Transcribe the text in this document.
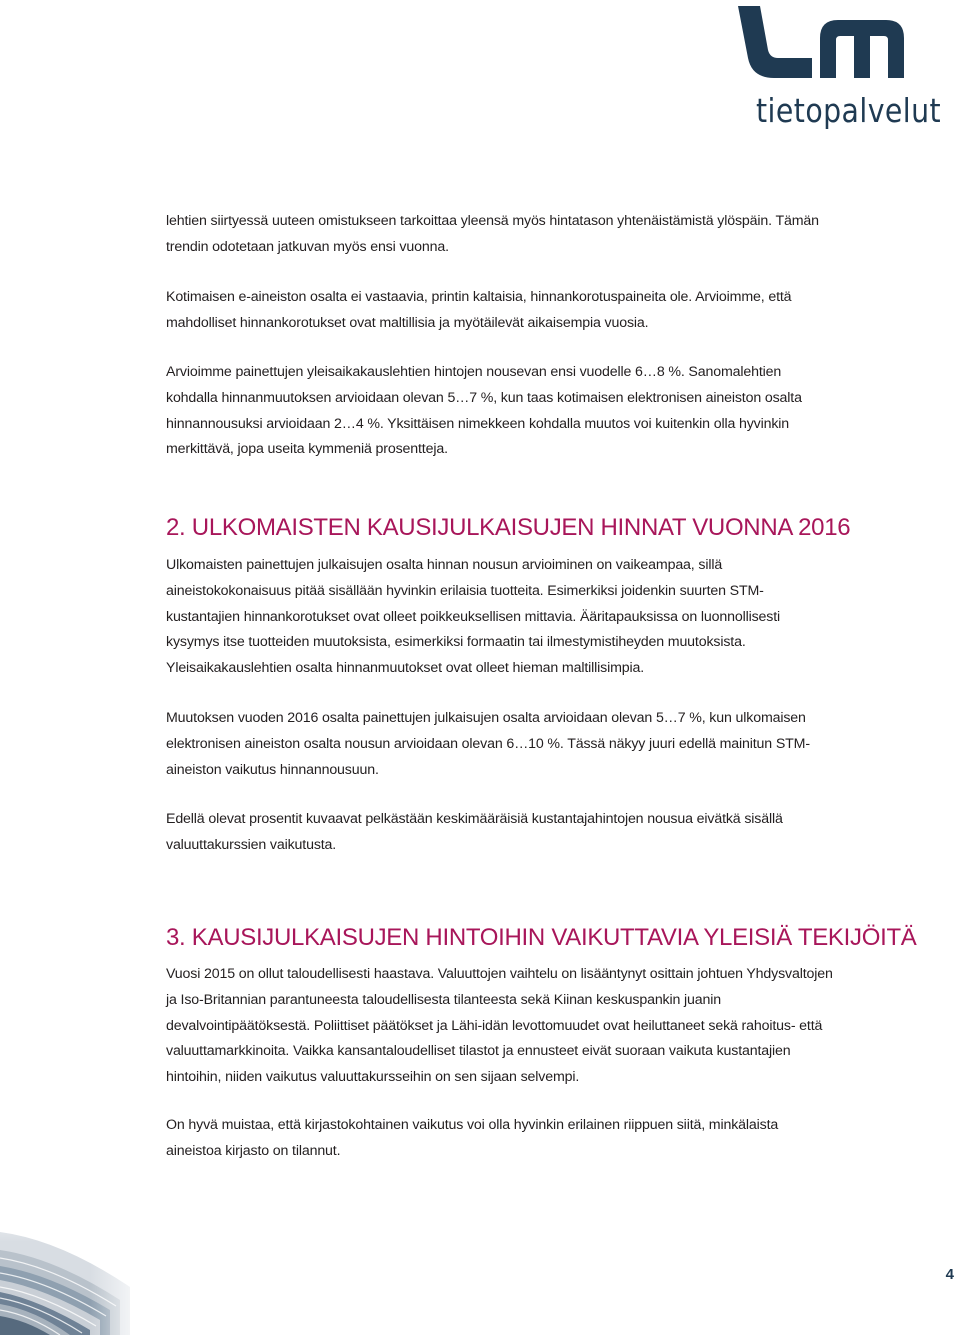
tietopalvelut

lehtien siirtyessä uuteen omistukseen tarkoittaa yleensä myös hintatason yhtenäistämistä ylöspäin. Tämän trendin odotetaan jatkuvan myös ensi vuonna.

Kotimaisen e-aineiston osalta ei vastaavia, printin kaltaisia, hinnankorotuspaineita ole. Arvioimme, että mahdolliset hinnankorotukset ovat maltillisia ja myötäilevät aikaisempia vuosia.

Arvioimme painettujen yleisaikakauslehtien hintojen nousevan ensi vuodelle 6…8 %. Sanomalehtien kohdalla hinnanmuutoksen arvioidaan olevan 5…7 %, kun taas kotimaisen elektronisen aineiston osalta hinnannousuksi arvioidaan 2…4 %. Yksittäisen nimekkeen kohdalla muutos voi kuitenkin olla hyvinkin merkittävä, jopa useita kymmeniä prosentteja.

2. ULKOMAISTEN KAUSIJULKAISUJEN HINNAT VUONNA 2016

Ulkomaisten painettujen julkaisujen osalta hinnan nousun arvioiminen on vaikeampaa, sillä aineistokokonaisuus pitää sisällään hyvinkin erilaisia tuotteita. Esimerkiksi joidenkin suurten STM-kustantajien hinnankorotukset ovat olleet poikkeuksellisen mittavia. Ääritapauksissa on luonnollisesti kysymys itse tuotteiden muutoksista, esimerkiksi formaatin tai ilmestymistiheyden muutoksista. Yleisaikakauslehtien osalta hinnanmuutokset ovat olleet hieman maltillisimpia.

Muutoksen vuoden 2016 osalta painettujen julkaisujen osalta arvioidaan olevan 5…7 %, kun ulkomaisen elektronisen aineiston osalta nousun arvioidaan olevan 6…10 %. Tässä näkyy juuri edellä mainitun STM-aineiston vaikutus hinnannousuun.

Edellä olevat prosentit kuvaavat pelkästään keskimääräisiä kustantajahintojen nousua eivätkä sisällä valuuttakurssien vaikutusta.

3. KAUSIJULKAISUJEN HINTOIHIN VAIKUTTAVIA YLEISIÄ TEKIJÖITÄ

Vuosi 2015 on ollut taloudellisesti haastava. Valuuttojen vaihtelu on lisääntynyt osittain johtuen Yhdysvaltojen ja Iso-Britannian parantuneesta taloudellisesta tilanteesta sekä Kiinan keskuspankin juanin devalvointipäätöksestä. Poliittiset päätökset ja Lähi-idän levottomuudet ovat heiluttaneet sekä rahoitus- että valuuttamarkkinoita. Vaikka kansantaloudelliset tilastot ja ennusteet eivät suoraan vaikuta kustantajien hintoihin, niiden vaikutus valuuttakursseihin on sen sijaan selvempi.

On hyvä muistaa, että kirjastokohtainen vaikutus voi olla hyvinkin erilainen riippuen siitä, minkälaista aineistoa kirjasto on tilannut.

4
